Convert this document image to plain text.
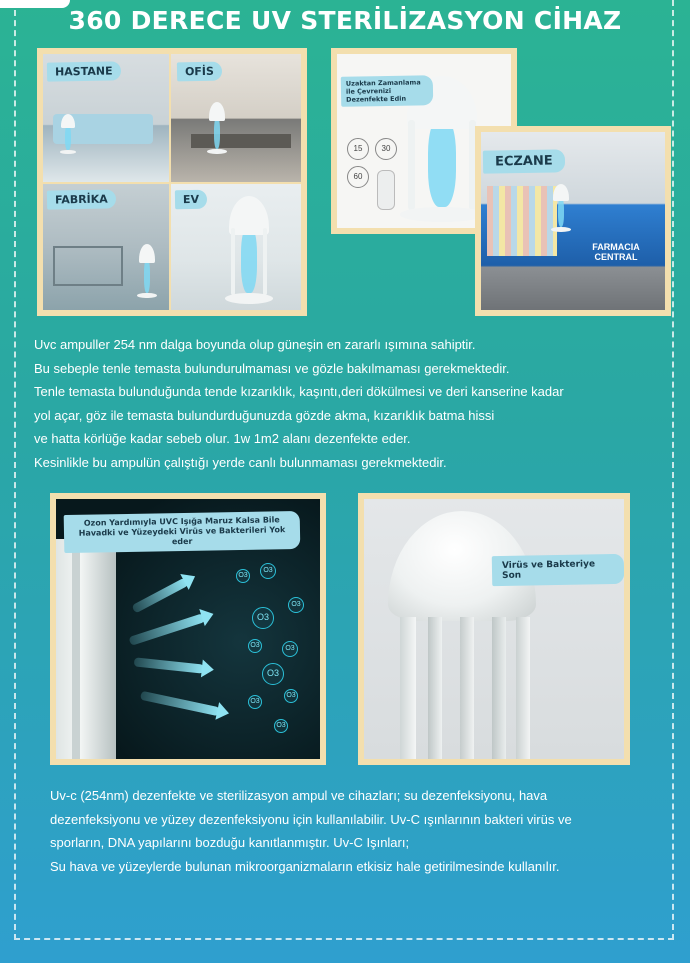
360 DERECE UV STERİLİZASYON CİHAZ
HASTANE	OFİS
FABRİKA	EV
Uzaktan Zamanlama ile Çevrenizi Dezenfekte Edin
15	30
60
FARMACIA CENTRAL
ECZANE

Uvc ampuller 254 nm dalga boyunda olup güneşin en zararlı ışımına sahiptir.

Bu sebeple tenle temasta bulundurulmaması ve gözle bakılmaması gerekmektedir.

Tenle temasta bulunduğunda tende kızarıklık, kaşıntı,deri dökülmesi ve deri kanserine kadar

yol açar, göz ile temasta bulundurduğunuzda gözde akma, kızarıklık batma hissi

ve hatta körlüğe kadar sebeb olur. 1w 1m2 alanı dezenfekte eder.

Kesinlikle bu ampulün çalıştığı yerde canlı bulunmaması gerekmektedir.

O3
O3
O3
O3
O3	O3
O3
O3
O3
O3
Ozon Yardımıyla UVC Işığa Maruz Kalsa Bile Havadki ve Yüzeydeki Virüs ve Bakterileri Yok eder
Virüs ve Bakteriye Son

Uv-c (254nm) dezenfekte ve sterilizasyon ampul ve cihazları; su dezenfeksiyonu, hava

dezenfeksiyonu ve yüzey dezenfeksiyonu için kullanılabilir. Uv-C ışınlarının bakteri virüs ve

sporların, DNA yapılarını bozduğu kanıtlanmıştır. Uv-C Işınları;

Su hava ve yüzeylerde bulunan mikroorganizmaların etkisiz hale getirilmesinde kullanılır.
